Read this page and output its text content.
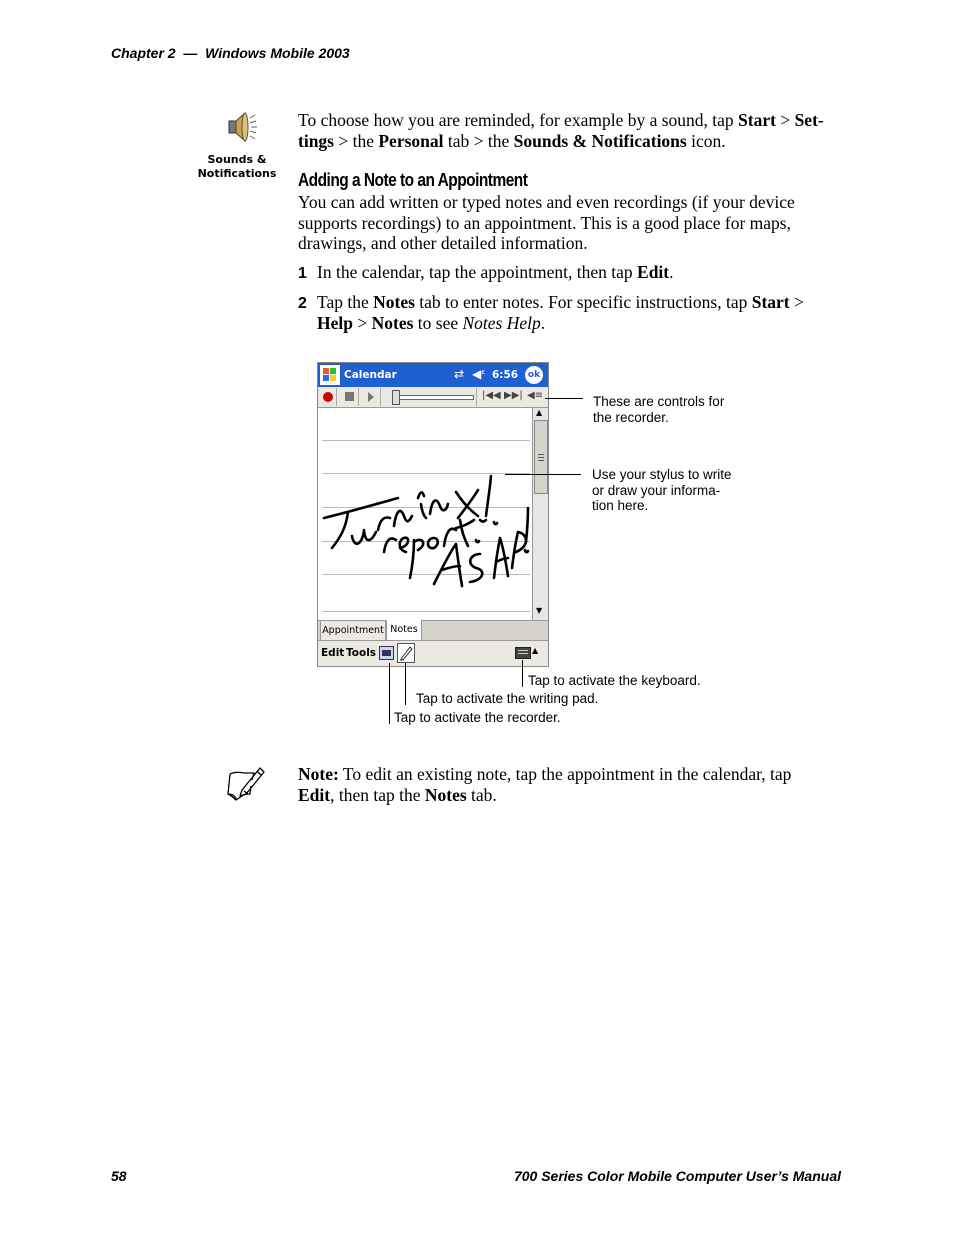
Chapter 2 — Windows Mobile 2003
Sounds &
Notifications
To choose how you are reminded, for example by a sound, tap Start > Set-
tings > the Personal tab > the Sounds & Notifications icon.
Adding a Note to an Appointment
You can add written or typed notes and even recordings (if your device
supports recordings) to an appointment. This is a good place for maps,
drawings, and other detailed information.
1 In the calendar, tap the appointment, then tap Edit.
2 Tap the Notes tab to enter notes. For specific instructions, tap Start >
Help > Notes to see Notes Help.
Calendar	⇄ ◀ᵋ 6:56	ok
|◀◀ ▶▶| ◀≡
▲
▼
Appointment Notes
Edit Tools	▲
These are controls for
the recorder.
Use your stylus to write
or draw your informa-
tion here.
Tap to activate the keyboard.
Tap to activate the writing pad.
Tap to activate the recorder.
Note: To edit an existing note, tap the appointment in the calendar, tap
Edit, then tap the Notes tab.
58	700 Series Color Mobile Computer User’s Manual
